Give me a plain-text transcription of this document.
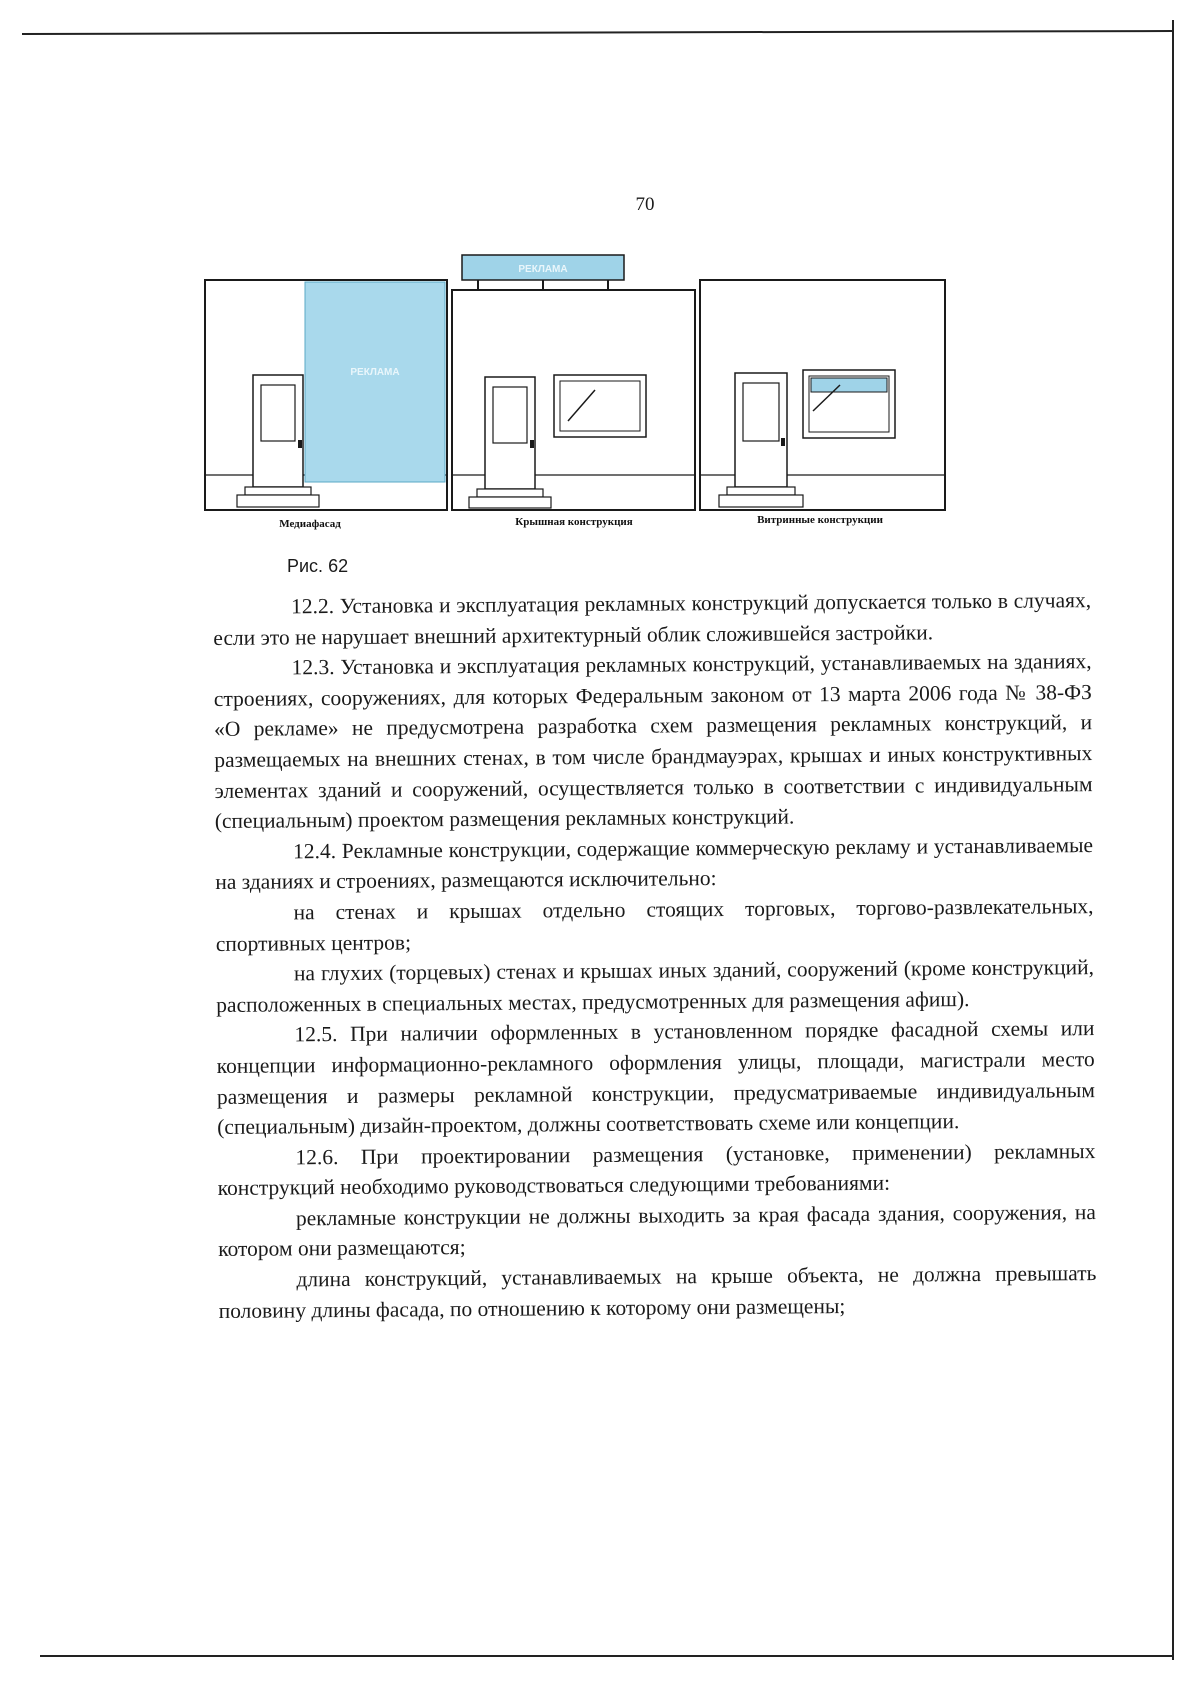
70
РЕКЛАМА
РЕКЛАМА
Медиафасад	Крышная конструкция	Витринные конструкции
Рис. 62

12.2. Установка и эксплуатация рекламных конструкций допускается только в случаях, если это не нарушает внешний архитектурный облик сложившейся застройки.

12.3. Установка и эксплуатация рекламных конструкций, устанавливаемых на зданиях, строениях, сооружениях, для которых Федеральным законом от 13 марта 2006 года № 38-ФЗ «О рекламе» не предусмотрена разработка схем размещения рекламных конструкций, и размещаемых на внешних стенах, в том числе брандмауэрах, крышах и иных конструктивных элементах зданий и сооружений, осуществляется только в соответствии с индивидуальным (специальным) проектом размещения рекламных конструкций.

12.4. Рекламные конструкции, содержащие коммерческую рекламу и устанавливаемые на зданиях и строениях, размещаются исключительно:

на стенах и крышах отдельно стоящих торговых, торгово-развлекательных, спортивных центров;

на глухих (торцевых) стенах и крышах иных зданий, сооружений (кроме конструкций, расположенных в специальных местах, предусмотренных для размещения афиш).

12.5. При наличии оформленных в установленном порядке фасадной схемы или концепции информационно-рекламного оформления улицы, площади, магистрали место размещения и размеры рекламной конструкции, предусматриваемые индивидуальным (специальным) дизайн-проектом, должны соответствовать схеме или концепции.

12.6. При проектировании размещения (установке, применении) рекламных конструкций необходимо руководствоваться следующими требованиями:

рекламные конструкции не должны выходить за края фасада здания, сооружения, на котором они размещаются;

длина конструкций, устанавливаемых на крыше объекта, не должна превышать половину длины фасада, по отношению к которому они размещены;
